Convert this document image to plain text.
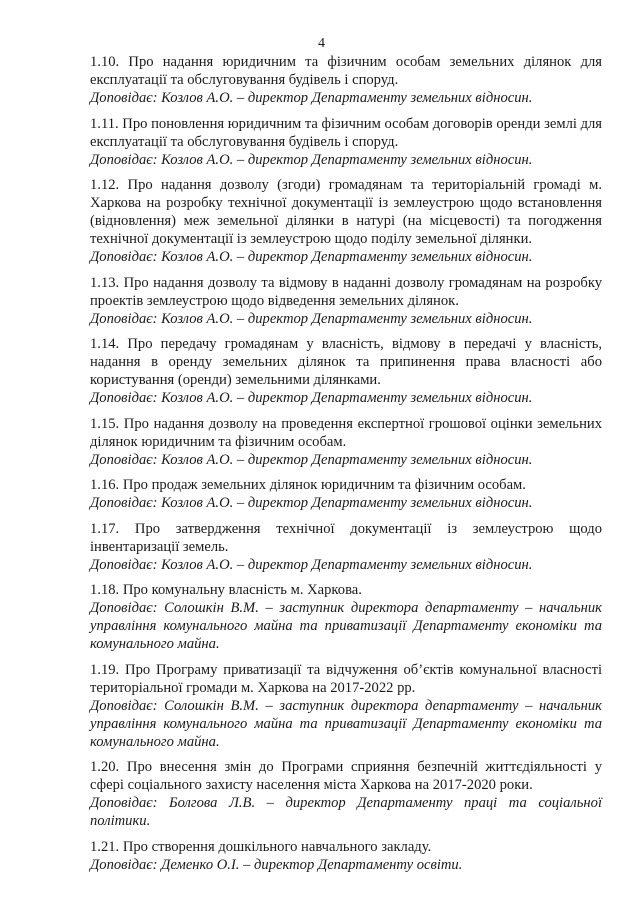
4

1.10. Про надання юридичним та фізичним особам земельних ділянок для експлуатації та обслуговування будівель і споруд.

Доповідає: Козлов А.О. – директор Департаменту земельних відносин.

1.11. Про поновлення юридичним та фізичним особам договорів оренди землі для експлуатації та обслуговування будівель і споруд.

Доповідає: Козлов А.О. – директор Департаменту земельних відносин.

1.12. Про надання дозволу (згоди) громадянам та територіальній громаді м. Харкова на розробку технічної документації із землеустрою щодо встановлення (відновлення) меж земельної ділянки в натурі (на місцевості) та погодження технічної документації із землеустрою щодо поділу земельної ділянки.

Доповідає: Козлов А.О. – директор Департаменту земельних відносин.

1.13. Про надання дозволу та відмову в наданні дозволу громадянам на розробку проектів землеустрою щодо відведення земельних ділянок.

Доповідає: Козлов А.О. – директор Департаменту земельних відносин.

1.14. Про передачу громадянам у власність, відмову в передачі у власність, надання в оренду земельних ділянок та припинення права власності або користування (оренди) земельними ділянками.

Доповідає: Козлов А.О. – директор Департаменту земельних відносин.

1.15. Про надання дозволу на проведення експертної грошової оцінки земельних ділянок юридичним та фізичним особам.

Доповідає: Козлов А.О. – директор Департаменту земельних відносин.

1.16. Про продаж земельних ділянок юридичним та фізичним особам.

Доповідає: Козлов А.О. – директор Департаменту земельних відносин.

1.17. Про затвердження технічної документації із землеустрою щодо інвентаризації земель.

Доповідає: Козлов А.О. – директор Департаменту земельних відносин.

1.18. Про комунальну власність м. Харкова.

Доповідає: Солошкін В.М. – заступник директора департаменту – начальник управління комунального майна та приватизації Департаменту економіки та комунального майна.

1.19. Про Програму приватизації та відчуження об’єктів комунальної власності територіальної громади м. Харкова на 2017-2022 рр.

Доповідає: Солошкін В.М. – заступник директора департаменту – начальник управління комунального майна та приватизації Департаменту економіки та комунального майна.

1.20. Про внесення змін до Програми сприяння безпечній життєдіяльності у сфері соціального захисту населення міста Харкова на 2017-2020 роки.

Доповідає: Болгова Л.В. – директор Департаменту праці та соціальної політики.

1.21. Про створення дошкільного навчального закладу.

Доповідає: Деменко О.І. – директор Департаменту освіти.
